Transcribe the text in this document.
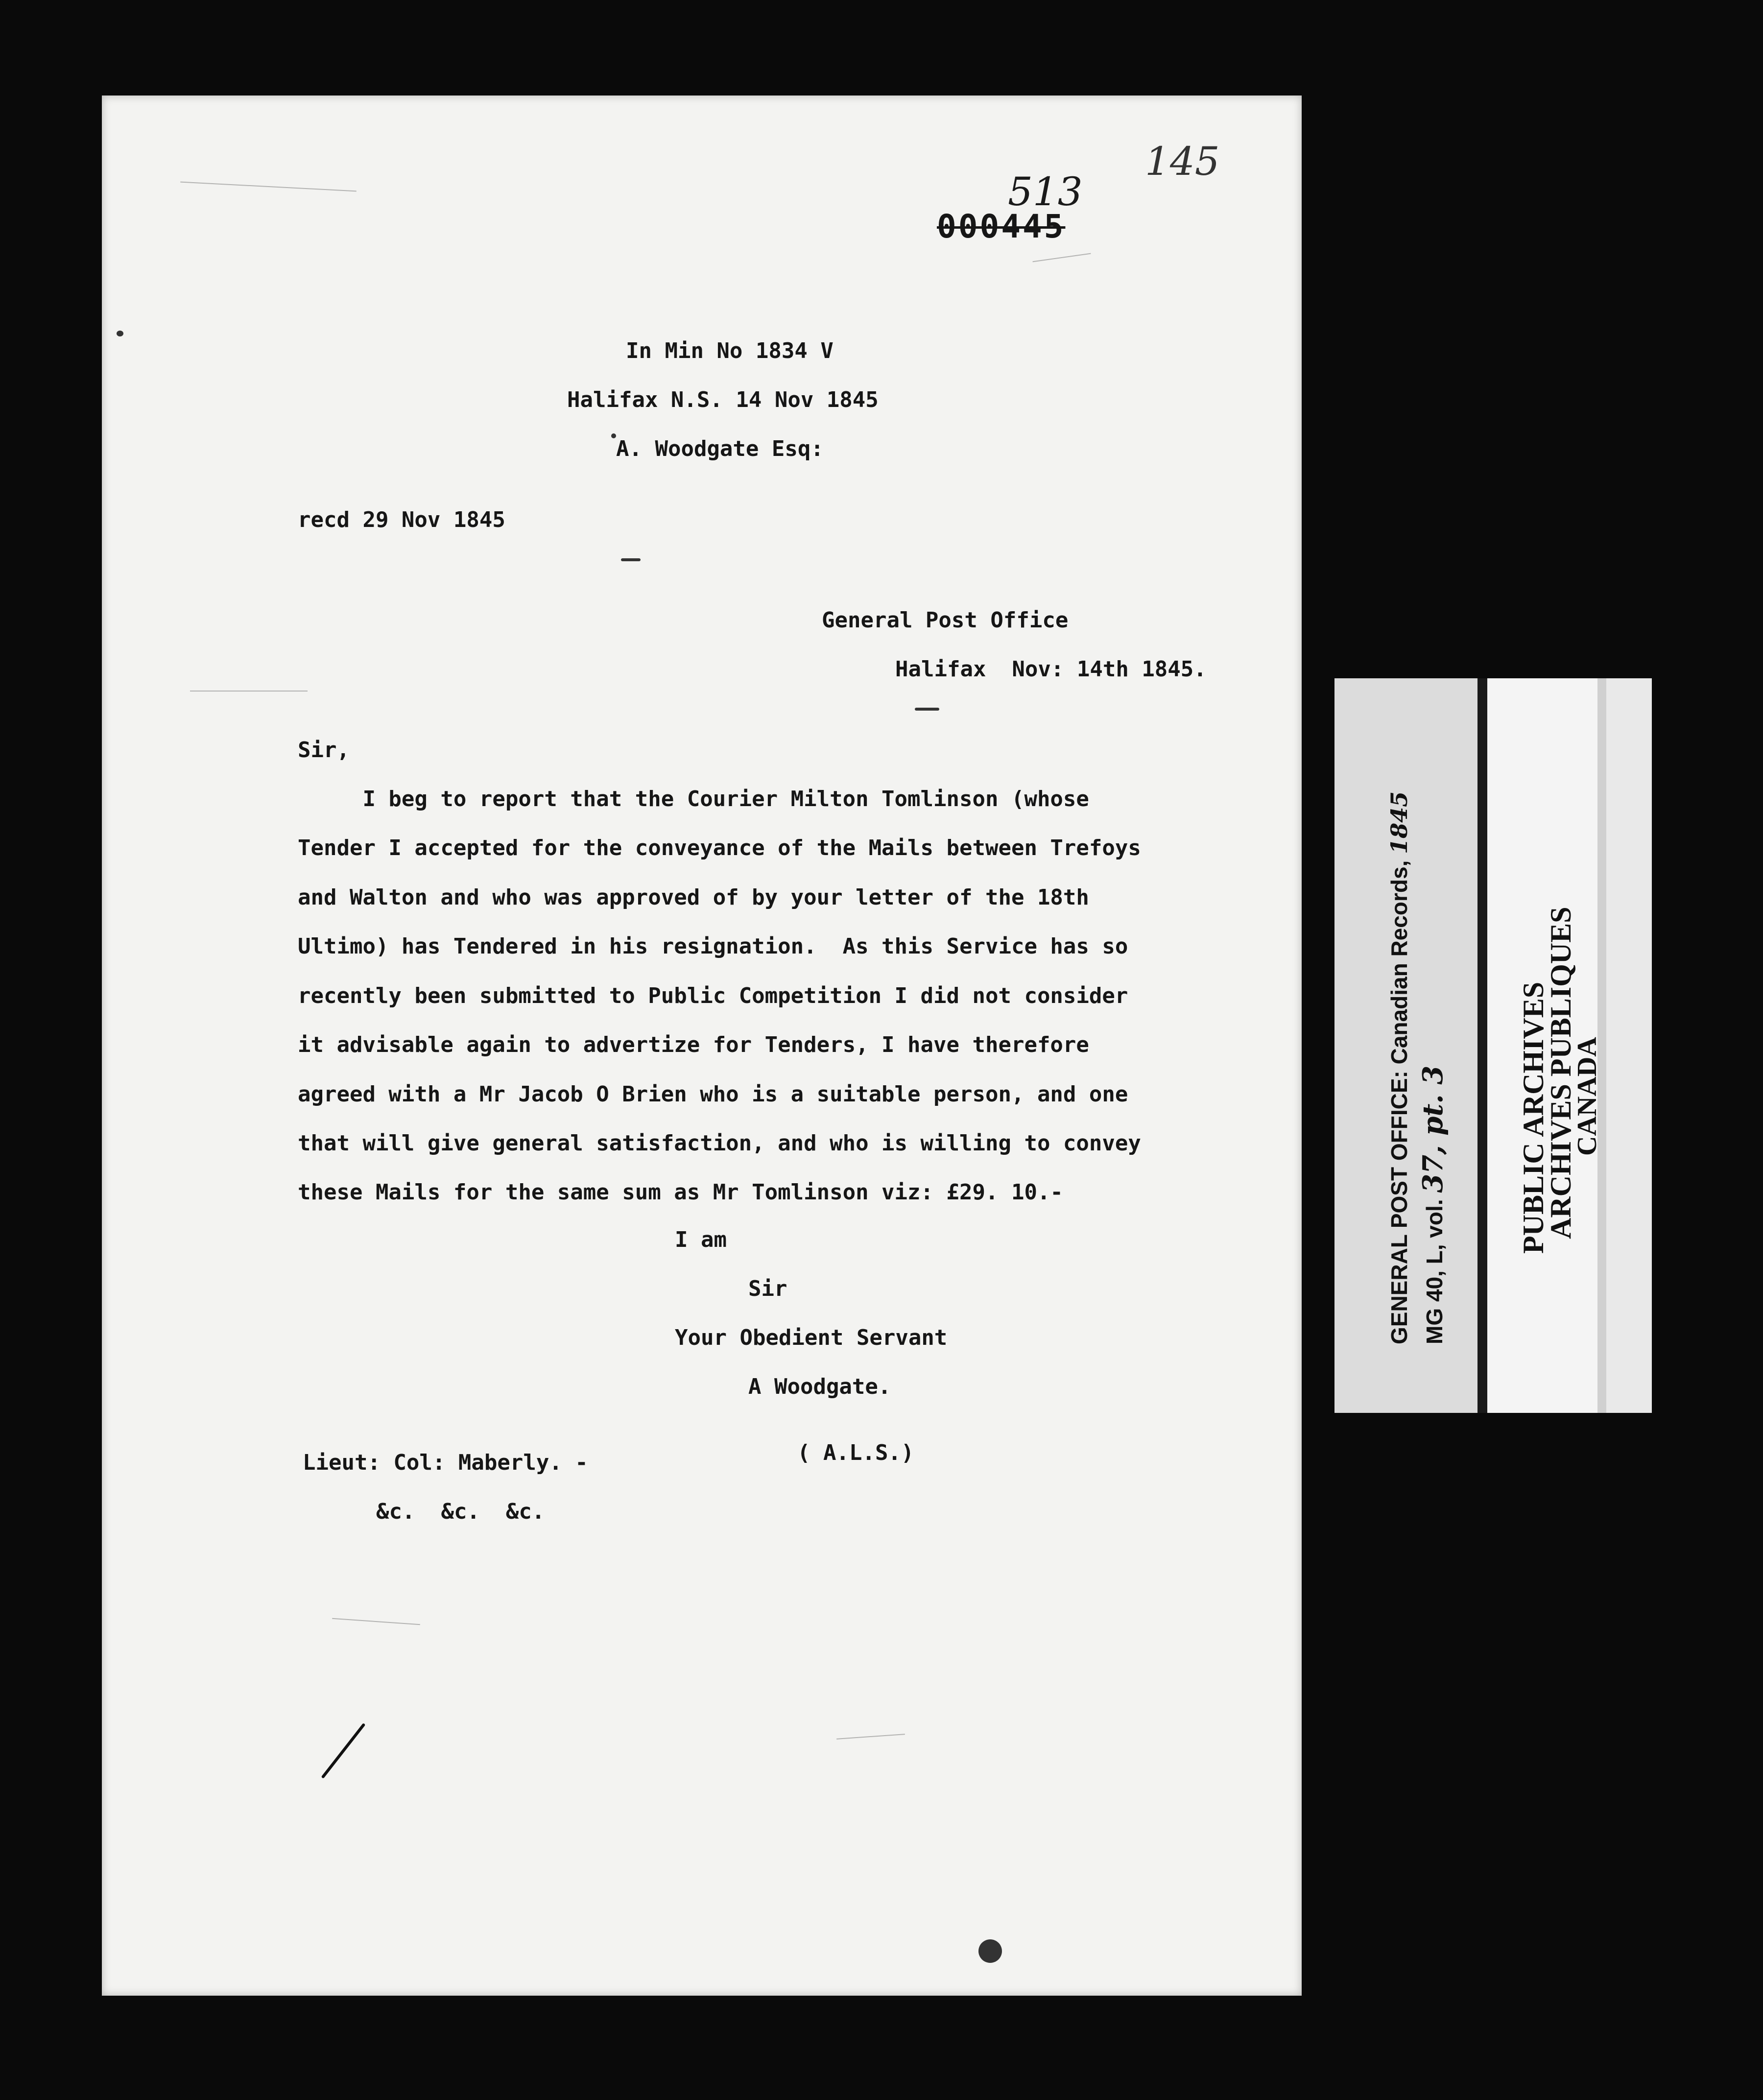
145
513
000445
In Min No 1834 V
Halifax N.S. 14 Nov 1845
A. Woodgate Esq:
recd 29 Nov 1845
General Post Office
Halifax  Nov: 14th 1845.
Sir,
I beg to report that the Courier Milton Tomlinson (whose
Tender I accepted for the conveyance of the Mails between Trefoys
and Walton and who was approved of by your letter of the 18th
Ultimo) has Tendered in his resignation.  As this Service has so
recently been submitted to Public Competition I did not consider
it advisable again to advertize for Tenders, I have therefore
agreed with a Mr Jacob O Brien who is a suitable person, and one
that will give general satisfaction, and who is willing to convey
these Mails for the same sum as Mr Tomlinson viz: £29. 10.-
I am
Sir
Your Obedient Servant
A Woodgate.
Lieut: Col: Maberly. -
&c.  &c.  &c.
( A.L.S.)
GENERAL POST OFFICE: Canadian Records, 1845
MG 40, L, vol. 37, pt. 3 PUBLIC ARCHIVES
ARCHIVES PUBLIQUES
CANADA
